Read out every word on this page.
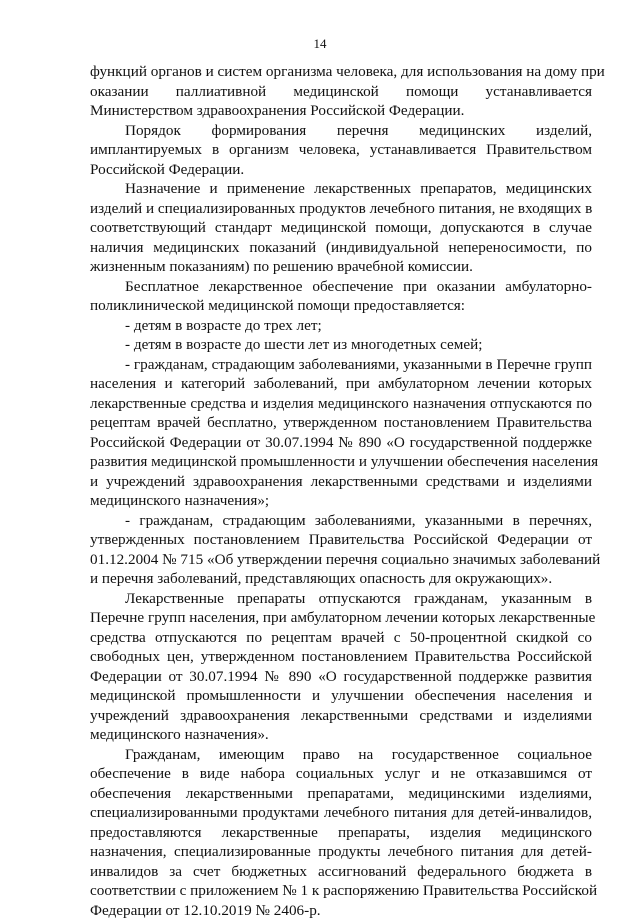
14

функций органов и систем организма человека, для использования на дому при
оказании паллиативной медицинской помощи устанавливается
Министерством здравоохранения Российской Федерации.

Порядок формирования перечня медицинских изделий,
имплантируемых в организм человека, устанавливается Правительством
Российской Федерации.

Назначение и применение лекарственных препаратов, медицинских
изделий и специализированных продуктов лечебного питания, не входящих в
соответствующий стандарт медицинской помощи, допускаются в случае
наличия медицинских показаний (индивидуальной непереносимости, по
жизненным показаниям) по решению врачебной комиссии.

Бесплатное лекарственное обеспечение при оказании амбулаторно-
поликлинической медицинской помощи предоставляется:

- детям в возрасте до трех лет;

- детям в возрасте до шести лет из многодетных семей;

- гражданам, страдающим заболеваниями, указанными в Перечне групп
населения и категорий заболеваний, при амбулаторном лечении которых
лекарственные средства и изделия медицинского назначения отпускаются по
рецептам врачей бесплатно, утвержденном постановлением Правительства
Российской Федерации от 30.07.1994 № 890 «О государственной поддержке
развития медицинской промышленности и улучшении обеспечения населения
и учреждений здравоохранения лекарственными средствами и изделиями
медицинского назначения»;

- гражданам, страдающим заболеваниями, указанными в перечнях,
утвержденных постановлением Правительства Российской Федерации от
01.12.2004 № 715 «Об утверждении перечня социально значимых заболеваний
и перечня заболеваний, представляющих опасность для окружающих».

Лекарственные препараты отпускаются гражданам, указанным в
Перечне групп населения, при амбулаторном лечении которых лекарственные
средства отпускаются по рецептам врачей с 50-процентной скидкой со
свободных цен, утвержденном постановлением Правительства Российской
Федерации от 30.07.1994 № 890 «О государственной поддержке развития
медицинской промышленности и улучшении обеспечения населения и
учреждений здравоохранения лекарственными средствами и изделиями
медицинского назначения».

Гражданам, имеющим право на государственное социальное
обеспечение в виде набора социальных услуг и не отказавшимся от
обеспечения лекарственными препаратами, медицинскими изделиями,
специализированными продуктами лечебного питания для детей-инвалидов,
предоставляются лекарственные препараты, изделия медицинского
назначения, специализированные продукты лечебного питания для детей-
инвалидов за счет бюджетных ассигнований федерального бюджета в
соответствии с приложением № 1 к распоряжению Правительства Российской
Федерации от 12.10.2019 № 2406-р.
